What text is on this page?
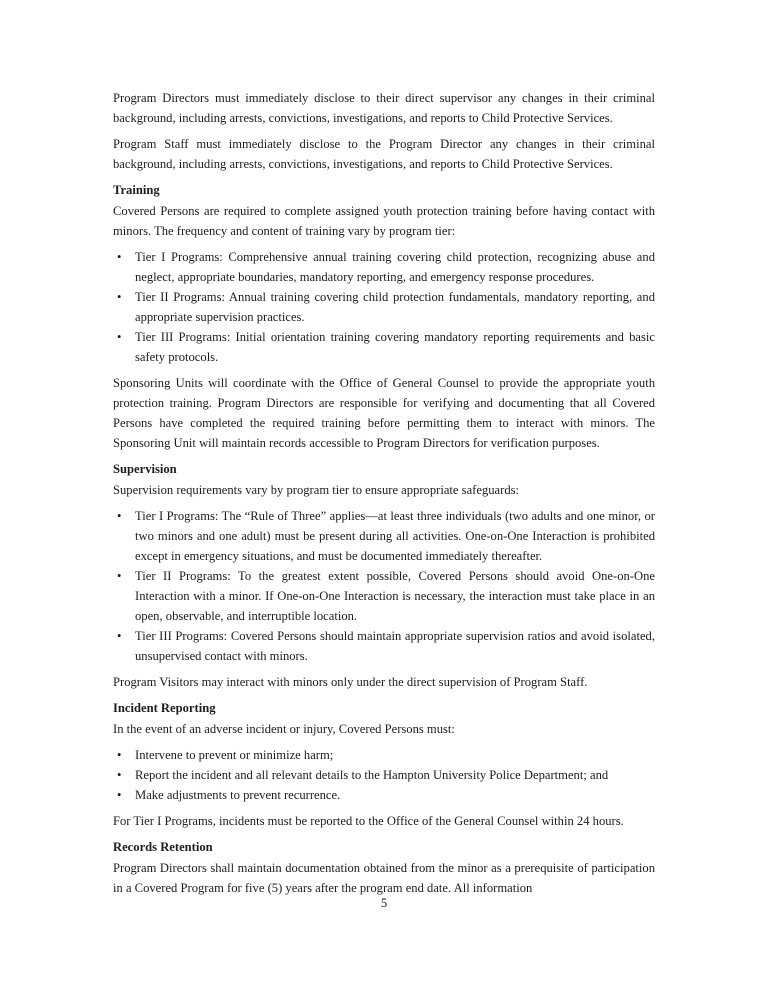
Program Directors must immediately disclose to their direct supervisor any changes in their criminal background, including arrests, convictions, investigations, and reports to Child Protective Services.

Program Staff must immediately disclose to the Program Director any changes in their criminal background, including arrests, convictions, investigations, and reports to Child Protective Services.

Training

Covered Persons are required to complete assigned youth protection training before having contact with minors. The frequency and content of training vary by program tier:

• Tier I Programs: Comprehensive annual training covering child protection, recognizing abuse and neglect, appropriate boundaries, mandatory reporting, and emergency response procedures.
• Tier II Programs: Annual training covering child protection fundamentals, mandatory reporting, and appropriate supervision practices.
• Tier III Programs: Initial orientation training covering mandatory reporting requirements and basic safety protocols.

Sponsoring Units will coordinate with the Office of General Counsel to provide the appropriate youth protection training. Program Directors are responsible for verifying and documenting that all Covered Persons have completed the required training before permitting them to interact with minors. The Sponsoring Unit will maintain records accessible to Program Directors for verification purposes.

Supervision

Supervision requirements vary by program tier to ensure appropriate safeguards:

• Tier I Programs: The “Rule of Three” applies—at least three individuals (two adults and one minor, or two minors and one adult) must be present during all activities. One-on-One Interaction is prohibited except in emergency situations, and must be documented immediately thereafter.
• Tier II Programs: To the greatest extent possible, Covered Persons should avoid One-on-One Interaction with a minor. If One-on-One Interaction is necessary, the interaction must take place in an open, observable, and interruptible location.
• Tier III Programs: Covered Persons should maintain appropriate supervision ratios and avoid isolated, unsupervised contact with minors.

Program Visitors may interact with minors only under the direct supervision of Program Staff.

Incident Reporting

In the event of an adverse incident or injury, Covered Persons must:

• Intervene to prevent or minimize harm;
• Report the incident and all relevant details to the Hampton University Police Department; and
• Make adjustments to prevent recurrence.

For Tier I Programs, incidents must be reported to the Office of the General Counsel within 24 hours.

Records Retention

Program Directors shall maintain documentation obtained from the minor as a prerequisite of participation in a Covered Program for five (5) years after the program end date. All information

5
